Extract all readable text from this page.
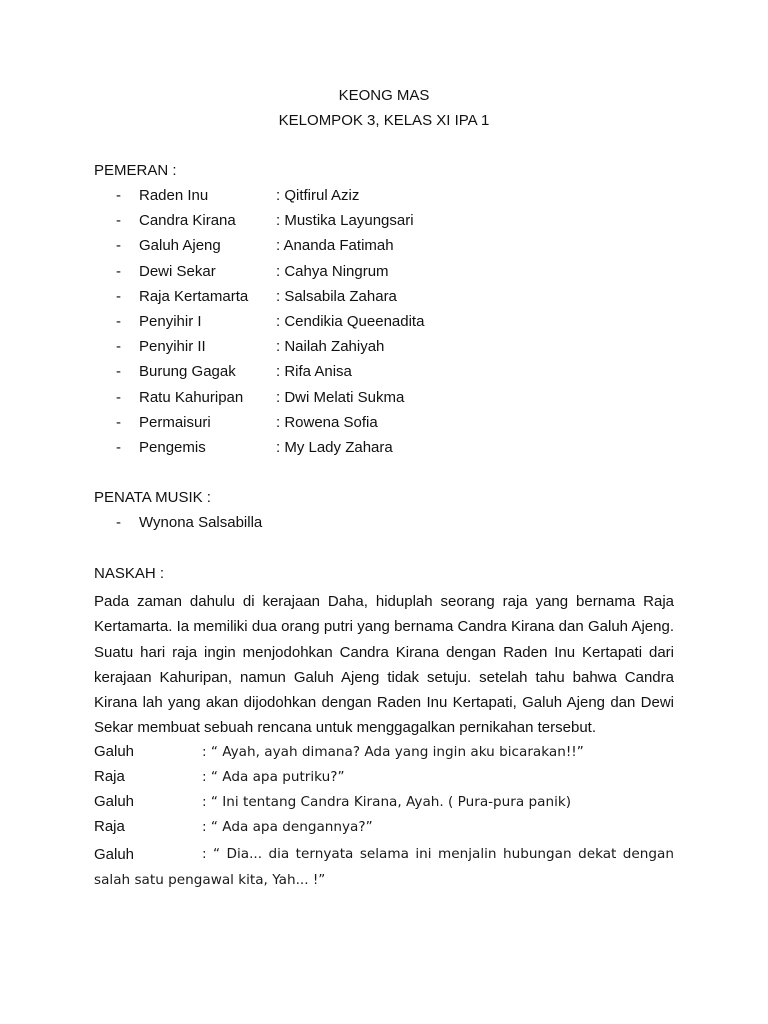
KEONG MAS
KELOMPOK 3, KELAS XI IPA 1
PEMERAN :
- Raden Inu	: Qitfirul Aziz
- Candra Kirana	: Mustika Layungsari
- Galuh Ajeng	: Ananda Fatimah
- Dewi Sekar	: Cahya Ningrum
- Raja Kertamarta : Salsabila Zahara
- Penyihir I	: Cendikia Queenadita
- Penyihir II	: Nailah Zahiyah
- Burung Gagak	: Rifa Anisa
- Ratu Kahuripan : Dwi Melati Sukma
- Permaisuri	: Rowena Sofia
- Pengemis	: My Lady Zahara
PENATA MUSIK :
- Wynona Salsabilla
NASKAH :

Pada zaman dahulu di kerajaan Daha, hiduplah seorang raja yang bernama Raja Kertamarta. Ia memiliki dua orang putri yang bernama Candra Kirana dan Galuh Ajeng. Suatu hari raja ingin menjodohkan Candra Kirana dengan Raden Inu Kertapati dari kerajaan Kahuripan, namun Galuh Ajeng tidak setuju. setelah tahu bahwa Candra Kirana lah yang akan dijodohkan dengan Raden Inu Kertapati, Galuh Ajeng dan Dewi Sekar membuat sebuah rencana untuk menggagalkan pernikahan tersebut.

Galuh	: “ Ayah, ayah dimana? Ada yang ingin aku bicarakan!!”
Raja	: “ Ada apa putriku?”
Galuh	: “ Ini tentang Candra Kirana, Ayah. ( Pura-pura panik)
Raja	: “ Ada apa dengannya?”
Galuh	: “ Dia... dia ternyata selama ini menjalin hubungan dekat dengan salah satu pengawal kita, Yah... !”
